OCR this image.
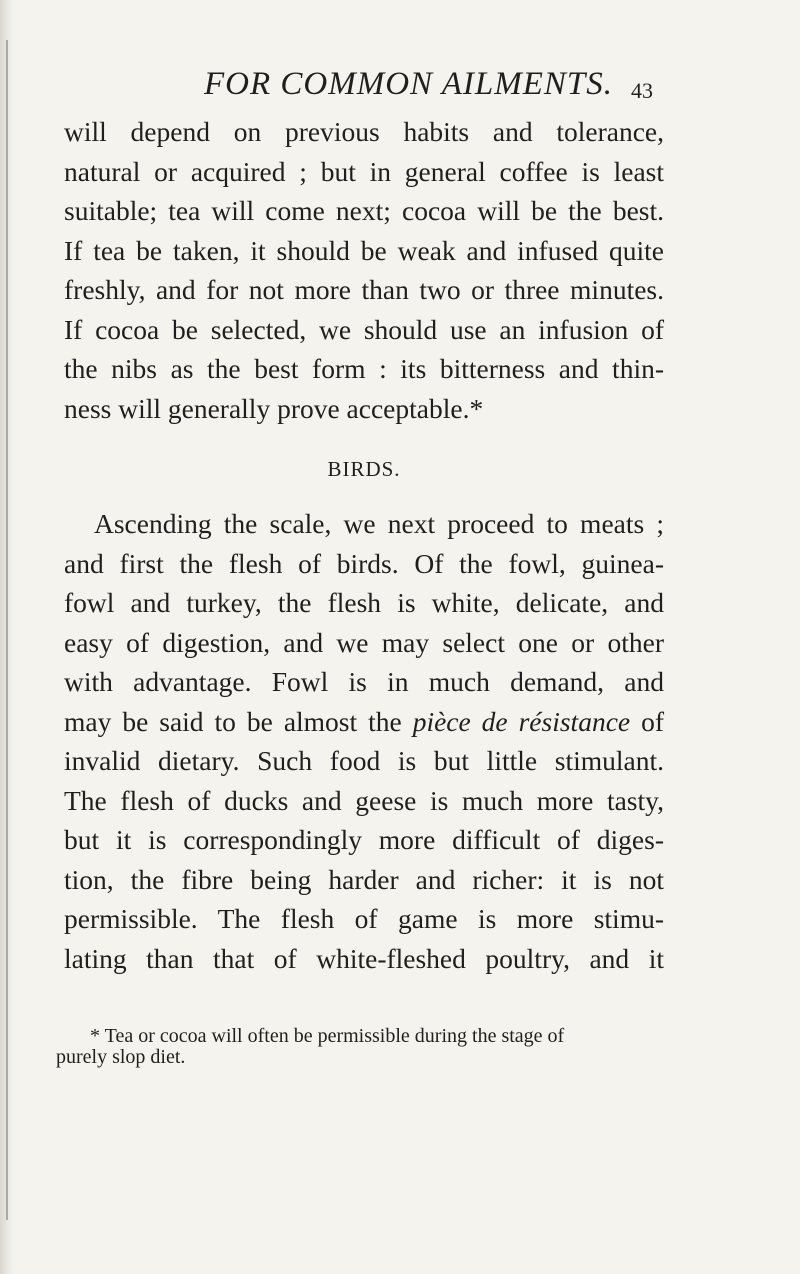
FOR COMMON AILMENTS. 43
will depend on previous habits and tolerance,
natural or acquired ; but in general coffee is least
suitable; tea will come next; cocoa will be the best.
If tea be taken, it should be weak and infused quite
freshly, and for not more than two or three minutes.
If cocoa be selected, we should use an infusion of
the nibs as the best form : its bitterness and thin-
ness will generally prove acceptable.*
BIRDS.
Ascending the scale, we next proceed to meats ;
and first the flesh of birds. Of the fowl, guinea-
fowl and turkey, the flesh is white, delicate, and
easy of digestion, and we may select one or other
with advantage. Fowl is in much demand, and
may be said to be almost the pièce de résistance of
invalid dietary. Such food is but little stimulant.
The flesh of ducks and geese is much more tasty,
but it is correspondingly more difficult of diges-
tion, the fibre being harder and richer: it is not
permissible. The flesh of game is more stimu-
lating than that of white-fleshed poultry, and it
* Tea or cocoa will often be permissible during the stage of
purely slop diet.
